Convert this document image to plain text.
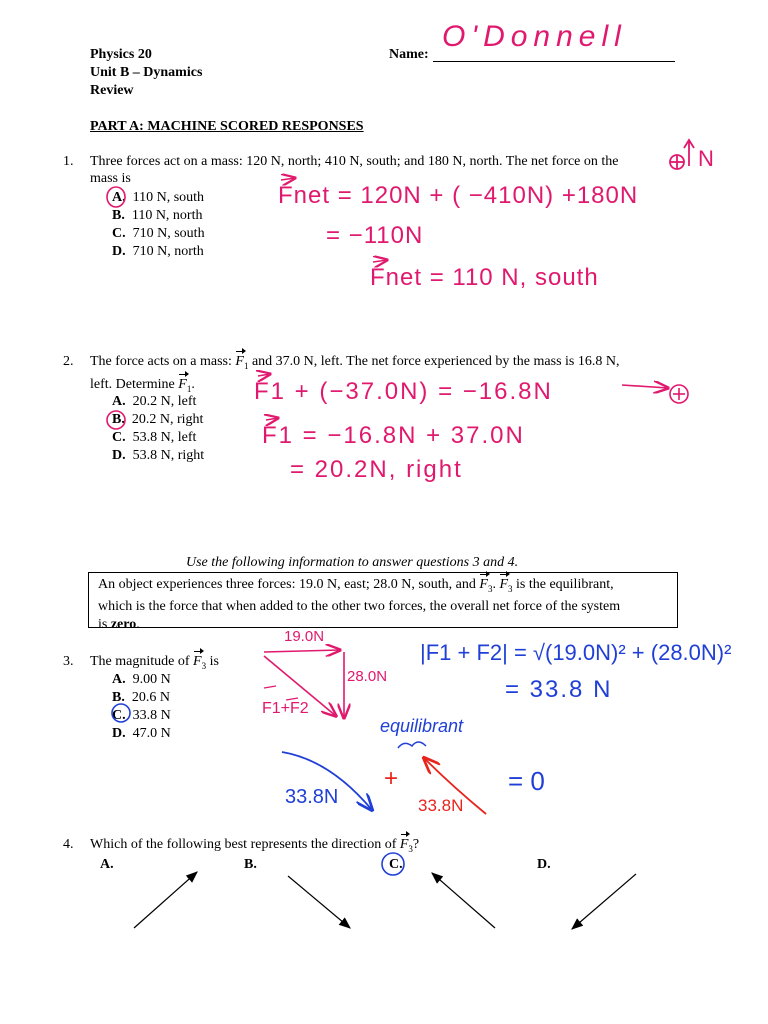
Physics 20
Unit B – Dynamics
Review
Name:
O'Donnell
PART A: MACHINE SCORED RESPONSES
1. Three forces act on a mass: 120 N, north; 410 N, south; and 180 N, north. The net force on the
mass is
A. 110 N, south
B. 110 N, north
C. 710 N, south
D. 710 N, north
N
Fnet = 120N + ( −410N) +180N
= −110N
Fnet = 110 N, south
2. The force acts on a mass: $F_1$ and 37.0 N, left. The net force experienced by the mass is 16.8 N,
left. Determine $F_1$.
A. 20.2 N, left
B. 20.2 N, right
C. 53.8 N, left
D. 53.8 N, right
F1 + (−37.0N) = −16.8N
F1 = −16.8N + 37.0N
= 20.2N, right
Use the following information to answer questions 3 and 4.
An object experiences three forces: 19.0 N, east; 28.0 N, south, and $F_3$. $F_3$ is the equilibrant,
which is the force that when added to the other two forces, the overall net force of the system
is zero.
3. The magnitude of $F_3$ is
A. 9.00 N
B. 20.6 N
C. 33.8 N
D. 47.0 N
19.0N
28.0N
F1+F2
|F1 + F2| = √(19.0N)² + (28.0N)²
= 33.8 N
equilibrant
33.8N
+
33.8N
= 0
4. Which of the following best represents the direction of $F_3$?
A.	B.	C.	D.
